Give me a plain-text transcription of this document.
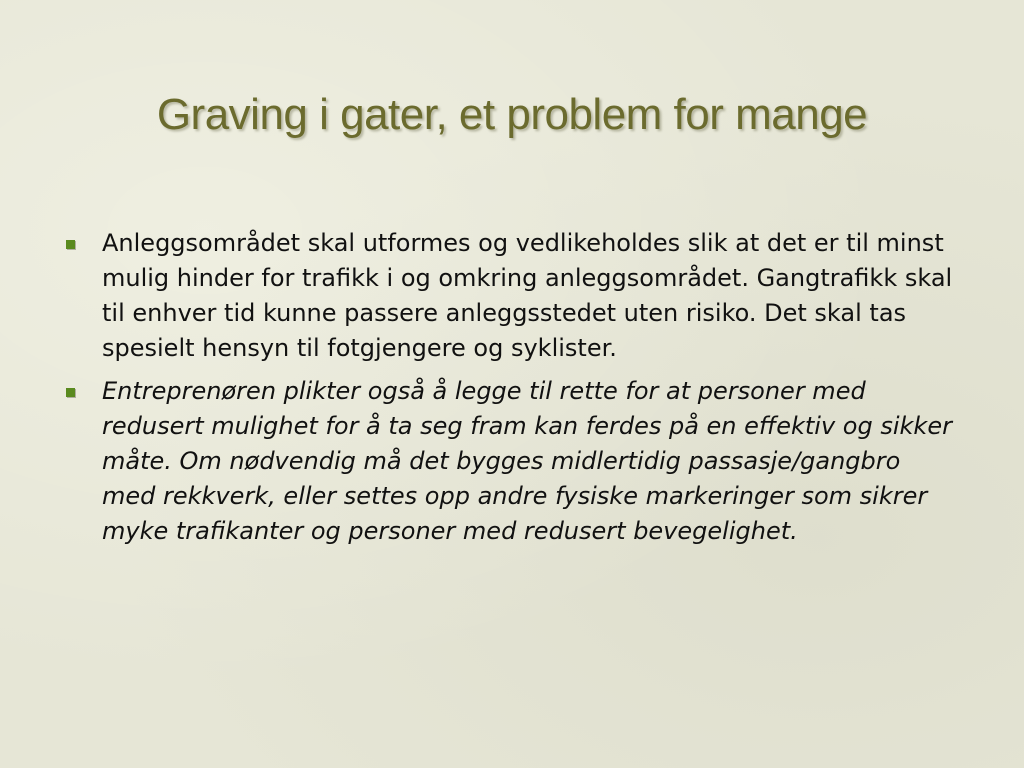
Graving i gater, et problem for mange
Anleggsområdet skal utformes og vedlikeholdes slik at det er til minst mulig hinder for trafikk i og omkring anleggsområdet. Gangtrafikk skal til enhver tid kunne passere anleggsstedet uten risiko. Det skal tas spesielt hensyn til fotgjengere og syklister.
Entreprenøren plikter også å legge til rette for at personer med redusert mulighet for å ta seg fram kan ferdes på en effektiv og sikker måte. Om nødvendig må det bygges midlertidig passasje/gangbro med rekkverk, eller settes opp andre fysiske markeringer som sikrer myke trafikanter og personer med redusert bevegelighet.
